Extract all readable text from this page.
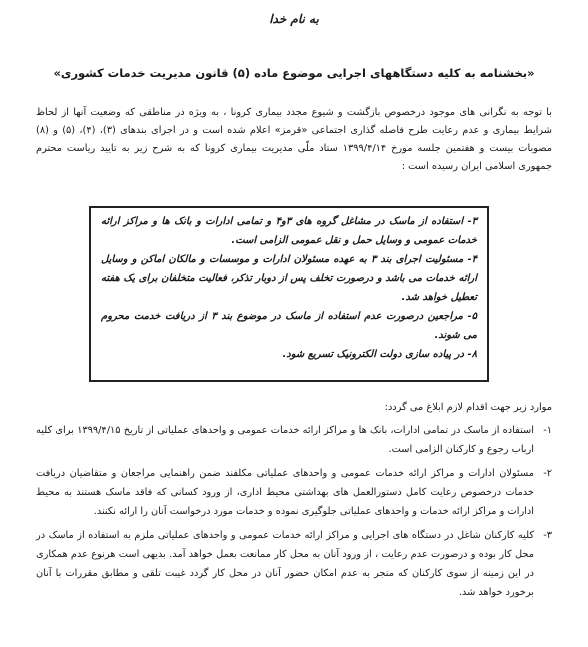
به نام خدا
«بخشنامه به کلیه دستگاههای اجرایی موضوع ماده (۵) قانون مدیریت خدمات کشوری»

با توجه به نگرانی های موجود درخصوص بازگشت و شیوع مجدد بیماری کرونا ، به ویژه در مناطقی که وضعیت آنها از لحاظ شرایط بیماری و عدم رعایت طرح فاصله گذاری اجتماعی «قرمز» اعلام شده است و در اجرای بندهای (۳)، (۴)، (۵) و (۸) مصوبات بیست و هفتمین جلسه مورخ ۱۳۹۹/۴/۱۴ ستاد ملّی مدیریت بیماری کرونا که به شرح زیر به تایید ریاست محترم جمهوری اسلامی ایران رسیده است :

۳- استفاده از ماسک در مشاغل گروه های ۳و۴ و تمامی ادارات و بانک ها و مراکز ارائه خدمات عمومی و وسایل حمل و نقل عمومی الزامی است.

۴- مسئولیت اجرای بند ۳ به عهده مسئولان ادارات و موسسات و مالکان اماکن و وسایل ارائه خدمات می باشد و درصورت تخلف پس از دوبار تذکر، فعالیت متخلفان برای یک هفته تعطیل خواهد شد.

۵- مراجعین درصورت عدم استفاده از ماسک در موضوع بند ۳ از دریافت خدمت محروم می شوند.

۸- در پیاده سازی دولت الکترونیک تسریع شود.

موارد زیر جهت اقدام لازم ابلاغ می گردد:

۱-
استفاده از ماسک در تمامی ادارات، بانک ها و مراکز ارائه خدمات عمومی و واحدهای عملیاتی از تاریخ ۱۳۹۹/۴/۱۵ برای کلیه ارباب رجوع و کارکنان الزامی است.
۲-
مسئولان ادارات و مراکز ارائه خدمات عمومی و واحدهای عملیاتی مکلفند ضمن راهنمایی مراجعان و متقاضیان دریافت خدمات درخصوص رعایت کامل دستورالعمل های بهداشتی محیط اداری، از ورود کسانی که فاقد ماسک هستند به محیط ادارات و مراکز ارائه خدمات و واحدهای عملیاتی جلوگیری نموده و خدمات مورد درخواست آنان را ارائه نکنند.
۳-
کلیه کارکنان شاغل در دستگاه های اجرایی و مراکز ارائه خدمات عمومی و واحدهای عملیاتی ملزم به استفاده از ماسک در محل کار بوده و درصورت عدم رعایت ، از ورود آنان به محل کار ممانعت بعمل خواهد آمد. بدیهی است هرنوع عدم همکاری در این زمینه از سوی کارکنان که منجر به عدم امکان حضور آنان در محل کار گردد غیبت تلقی و مطابق مقررات با آنان برخورد خواهد شد.
